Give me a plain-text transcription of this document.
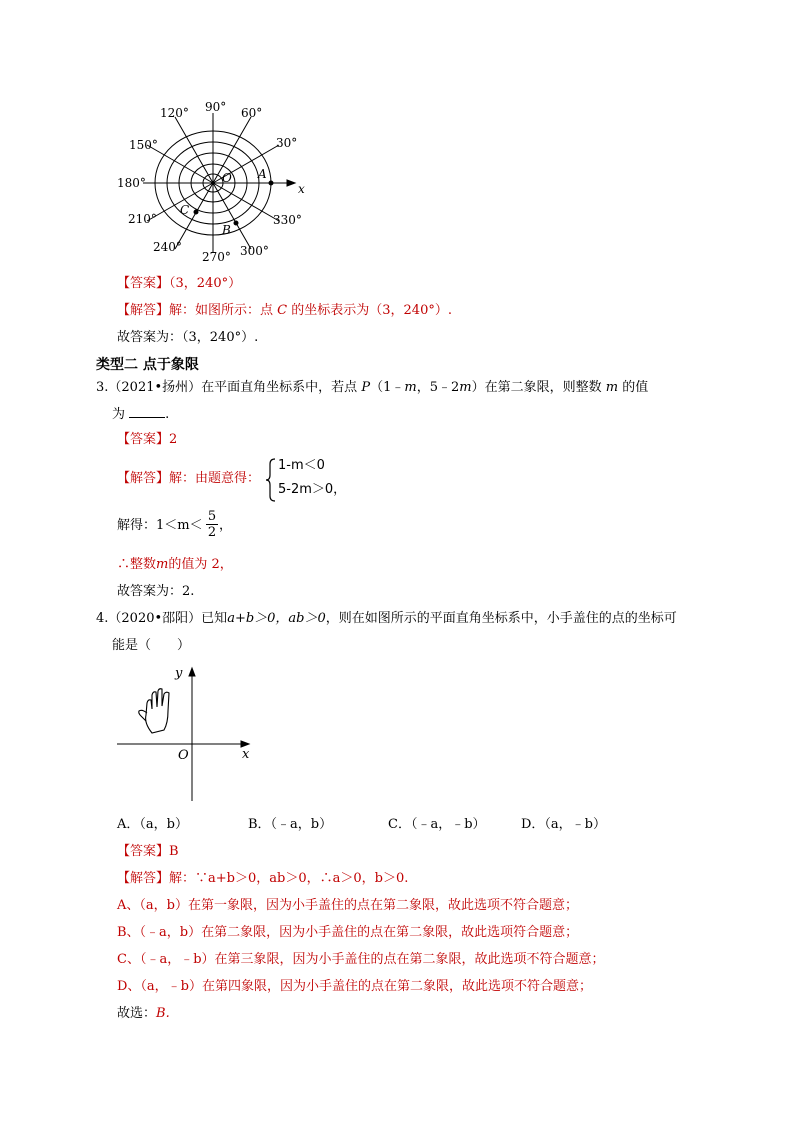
90° 60°
30°
120°
150°
180°
210°
240°
270° 300°
330°
O
x
A
B
C
【答案】（3，240°）
【解答】解：如图所示：点 C 的坐标表示为（3，240°）.
故答案为：（3，240°）.
类型二 点于象限
3.（2021•扬州）在平面直角坐标系中，若点 P（1﹣m，5﹣2m）在第二象限，则整数 m 的值
为	.
【答案】2
【解答】解：由题意得：
1-m＜0
5-2m＞0，
解得：1＜m＜
5
2 ，
∴整数m的值为 2，
故答案为：2.
4.（2020•邵阳）已知a+b＞0，ab＞0，则在如图所示的平面直角坐标系中，小手盖住的点的坐标可
能是（　　）
y
x
O
A．（a，b）	B．（﹣a，b）	C．（﹣a，﹣b）	D．（a，﹣b）
【答案】B
【解答】解：∵a+b＞0，ab＞0，∴a＞0，b＞0.
A、（a，b）在第一象限，因为小手盖住的点在第二象限，故此选项不符合题意；
B、（﹣a，b）在第二象限，因为小手盖住的点在第二象限，故此选项符合题意；
C、（﹣a，﹣b）在第三象限，因为小手盖住的点在第二象限，故此选项不符合题意；
D、（a，﹣b）在第四象限，因为小手盖住的点在第二象限，故此选项不符合题意；
故选：B.
